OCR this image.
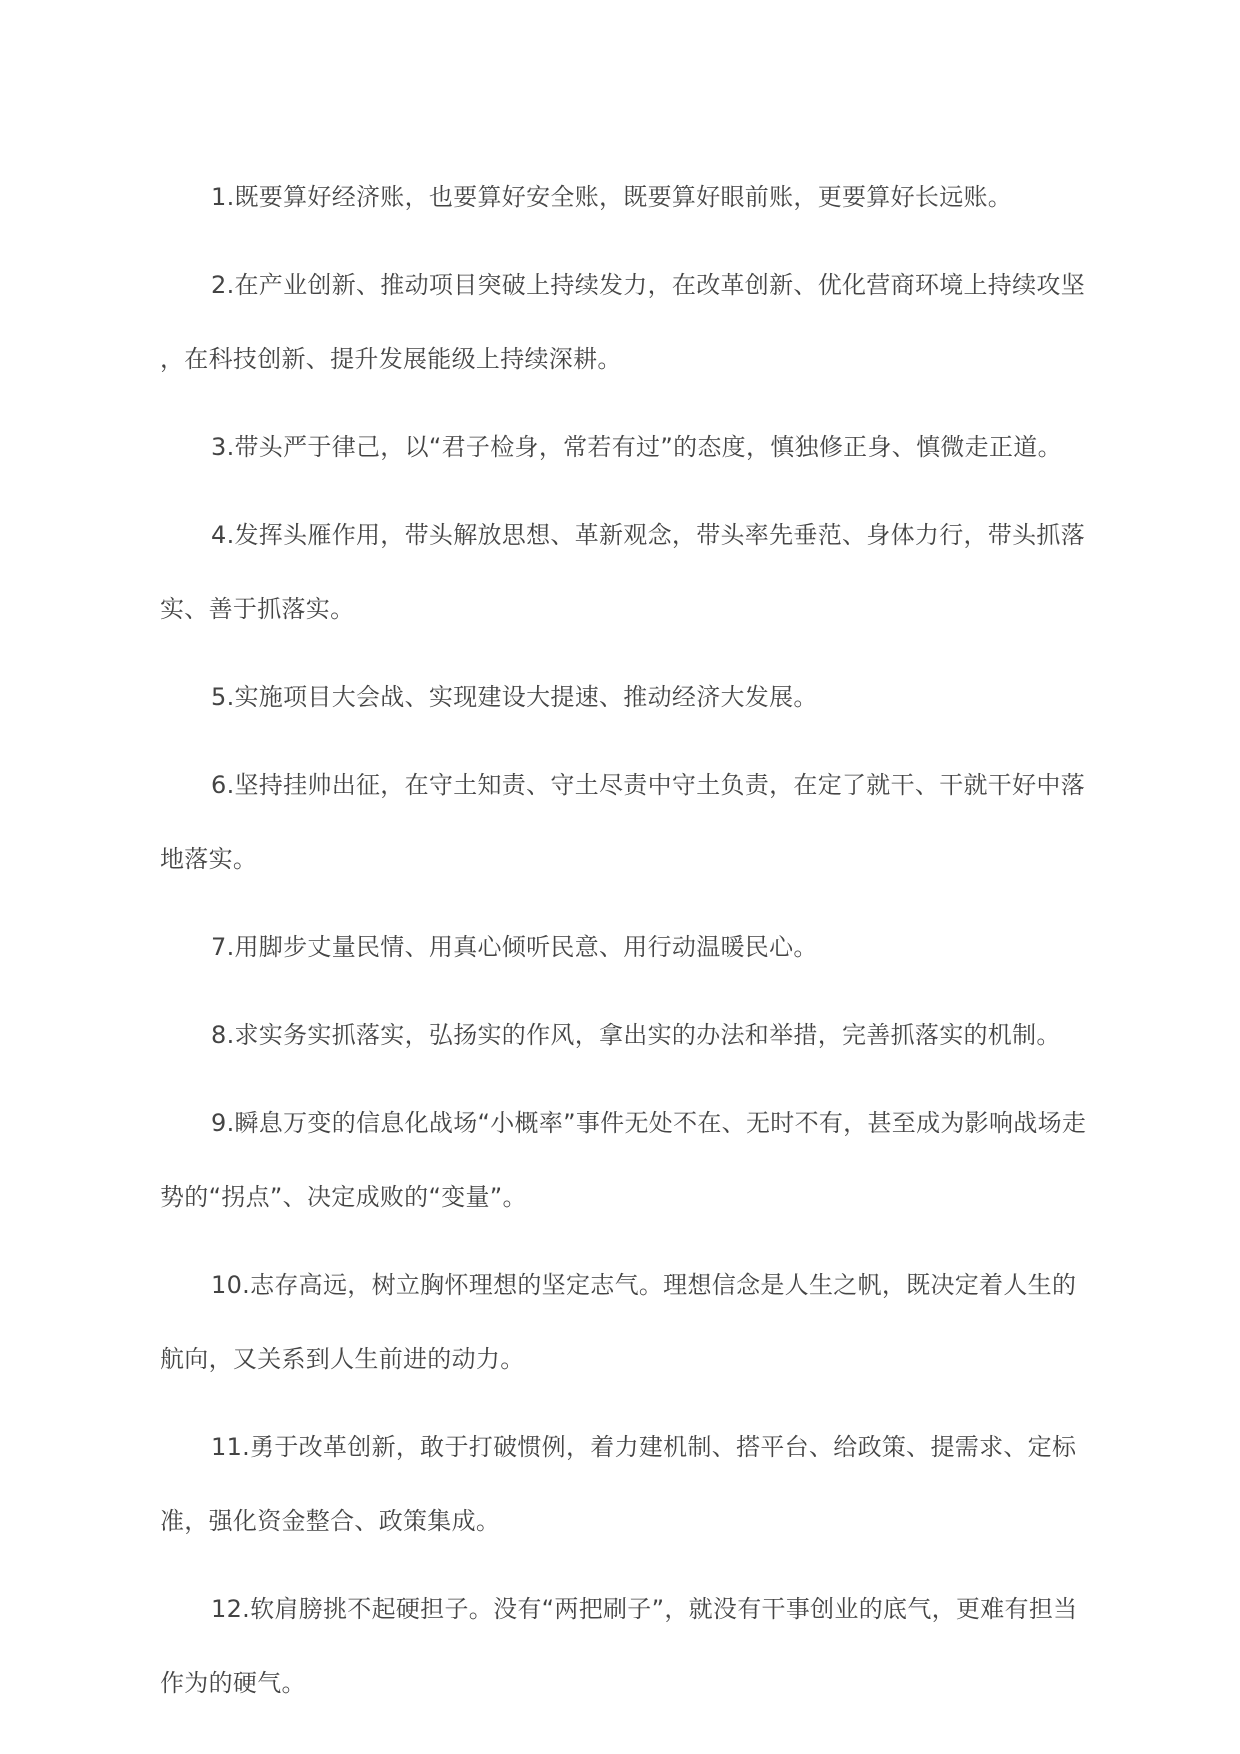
1.既要算好经济账，也要算好安全账，既要算好眼前账，更要算好长远账。

2.在产业创新、推动项目突破上持续发力，在改革创新、优化营商环境上持续攻坚，在科技创新、提升发展能级上持续深耕。

3.带头严于律己，以“君子检身，常若有过”的态度，慎独修正身、慎微走正道。

4.发挥头雁作用，带头解放思想、革新观念，带头率先垂范、身体力行，带头抓落实、善于抓落实。

5.实施项目大会战、实现建设大提速、推动经济大发展。

6.坚持挂帅出征，在守土知责、守土尽责中守土负责，在定了就干、干就干好中落地落实。

7.用脚步丈量民情、用真心倾听民意、用行动温暖民心。

8.求实务实抓落实，弘扬实的作风，拿出实的办法和举措，完善抓落实的机制。

9.瞬息万变的信息化战场“小概率”事件无处不在、无时不有，甚至成为影响战场走势的“拐点”、决定成败的“变量”。

10.志存高远，树立胸怀理想的坚定志气。理想信念是人生之帆，既决定着人生的航向，又关系到人生前进的动力。

11.勇于改革创新，敢于打破惯例，着力建机制、搭平台、给政策、提需求、定标准，强化资金整合、政策集成。

12.软肩膀挑不起硬担子。没有“两把刷子”，就没有干事创业的底气，更难有担当作为的硬气。
